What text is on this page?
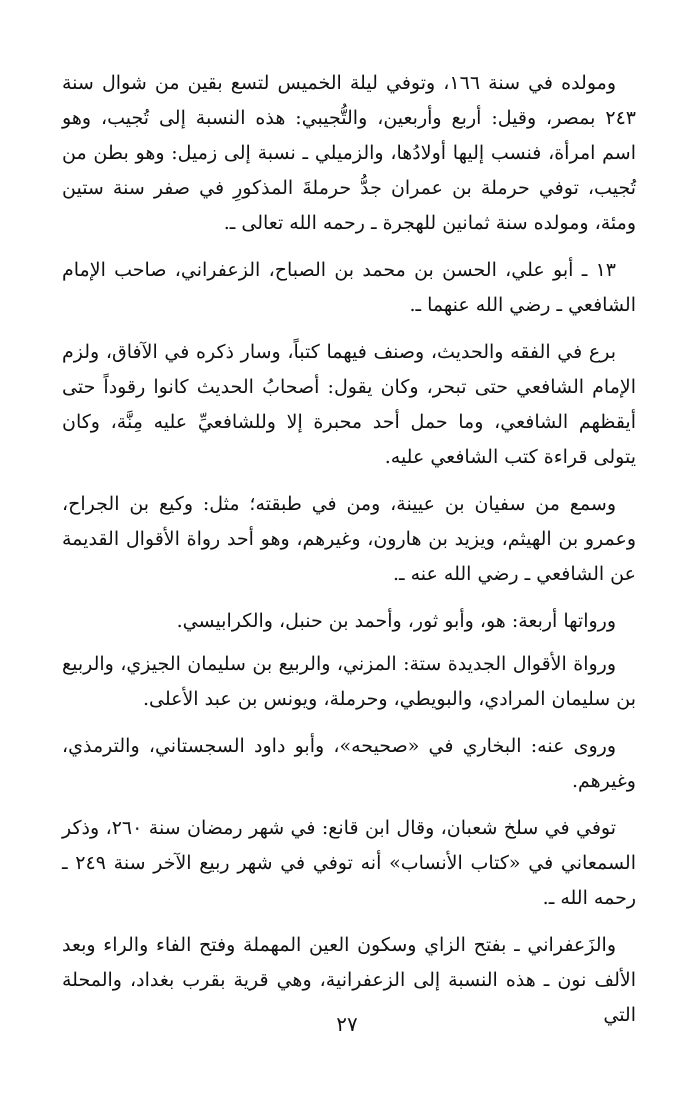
ومولده في سنة ١٦٦، وتوفي ليلة الخميس لتسع بقين من شوال سنة ٢٤٣ بمصر، وقيل: أربع وأربعين، والتُّجيبي: هذه النسبة إلى تُجيب، وهو اسم امرأة، فنسب إليها أولادُها، والزميلي ـ نسبة إلى زميل: وهو بطن من تُجيب، توفي حرملة بن عمران جدُّ حرملةَ المذكورِ في صفر سنة ستين ومئة، ومولده سنة ثمانين للهجرة ـ رحمه الله تعالى ـ.

١٣ ـ أبو علي، الحسن بن محمد بن الصباح، الزعفراني، صاحب الإمام الشافعي ـ رضي الله عنهما ـ.

برع في الفقه والحديث، وصنف فيهما كتباً، وسار ذكره في الآفاق، ولزم الإمام الشافعي حتى تبحر، وكان يقول: أصحابُ الحديث كانوا رقوداً حتى أيقظهم الشافعي، وما حمل أحد محبرة إلا وللشافعيِّ عليه مِنَّة، وكان يتولى قراءة كتب الشافعي عليه.

وسمع من سفيان بن عيينة، ومن في طبقته؛ مثل: وكيع بن الجراح، وعمرو بن الهيثم، ويزيد بن هارون، وغيرهم، وهو أحد رواة الأقوال القديمة عن الشافعي ـ رضي الله عنه ـ.

ورواتها أربعة: هو، وأبو ثور، وأحمد بن حنبل، والكرابيسي.

ورواة الأقوال الجديدة ستة: المزني، والربيع بن سليمان الجيزي، والربيع بن سليمان المرادي، والبويطي، وحرملة، ويونس بن عبد الأعلى.

وروى عنه: البخاري في «صحيحه»، وأبو داود السجستاني، والترمذي، وغيرهم.

توفي في سلخ شعبان، وقال ابن قانع: في شهر رمضان سنة ٢٦٠، وذكر السمعاني في «كتاب الأنساب» أنه توفي في شهر ربيع الآخر سنة ٢٤٩ ـ رحمه الله ـ.

والزَعفراني ـ بفتح الزاي وسكون العين المهملة وفتح الفاء والراء وبعد الألف نون ـ هذه النسبة إلى الزعفرانية، وهي قرية بقرب بغداد، والمحلة التي

٢٧
